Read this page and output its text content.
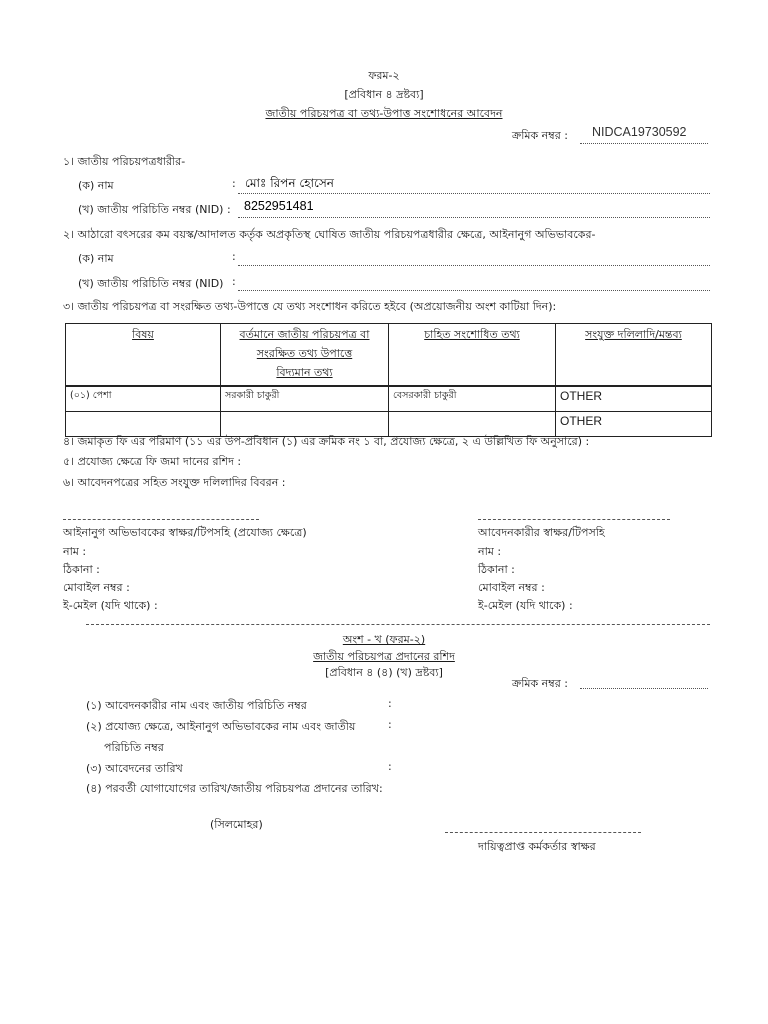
ফরম-২
[প্রবিধান ৪ দ্রষ্টব্য]
জাতীয় পরিচয়পত্র বা তথ্য-উপাত্ত সংশোধনের আবেদন
ক্রমিক নম্বর : NIDCA19730592
১। জাতীয় পরিচয়পত্রধারীর-
(ক) নাম	: মোঃ রিপন হোসেন
(খ) জাতীয় পরিচিতি নম্বর (NID) : 8252951481
২। আঠারো বৎসরের কম বয়স্ক/আদালত কর্তৃক অপ্রকৃতিস্থ ঘোষিত জাতীয় পরিচয়পত্রধারীর ক্ষেত্রে, আইনানুগ অভিভাবকের-
(ক) নাম	:
(খ) জাতীয় পরিচিতি নম্বর (NID) :
৩। জাতীয় পরিচয়পত্র বা সংরক্ষিত তথ্য-উপাত্তে যে তথ্য সংশোধন করিতে হইবে (অপ্রয়োজনীয় অংশ কাটিয়া দিন):
বিষয়	বর্তমানে জাতীয় পরিচয়পত্র বা
সংরক্ষিত তথ্য উপাত্তে
বিদ্যমান তথ্য	চাহিত সংশোধিত তথ্য	সংযুক্ত দলিলাদি/মন্তব্য
(০১) পেশা	সরকারী চাকুরী	বেসরকারী চাকুরী	OTHER
			OTHER
৪। জমাকৃত ফি এর পরিমাণ (১১ এর উপ-প্রবিধান (১) এর ক্রমিক নং ১ বা, প্রযোজ্য ক্ষেত্রে, ২ এ উল্লিখিত ফি অনুসারে) :
৫। প্রযোজ্য ক্ষেত্রে ফি জমা দানের রশিদ :
৬। আবেদনপত্রের সহিত সংযুক্ত দলিলাদির বিবরন :
আইনানুগ অভিভাবকের স্বাক্ষর/টিপসহি (প্রযোজ্য ক্ষেত্রে)
নাম :
ঠিকানা :
মোবাইল নম্বর :
ই-মেইল (যদি থাকে) :
আবেদনকারীর স্বাক্ষর/টিপসহি
নাম :
ঠিকানা :
মোবাইল নম্বর :
ই-মেইল (যদি থাকে) :
অংশ - খ (ফরম-২)
জাতীয় পরিচয়পত্র প্রদানের রশিদ
[প্রবিধান ৪ (৪) (খ) দ্রষ্টব্য]
ক্রমিক নম্বর :
(১) আবেদনকারীর নাম এবং জাতীয় পরিচিতি নম্বর	:
(২) প্রযোজ্য ক্ষেত্রে, আইনানুগ অভিভাবকের নাম এবং জাতীয়	:
পরিচিতি নম্বর
(৩) আবেদনের তারিখ	:
(৪) পরবর্তী যোগাযোগের তারিখ/জাতীয় পরিচয়পত্র প্রদানের তারিখ:
(সিলমোহর)
দায়িত্বপ্রাপ্ত কর্মকর্তার স্বাক্ষর
